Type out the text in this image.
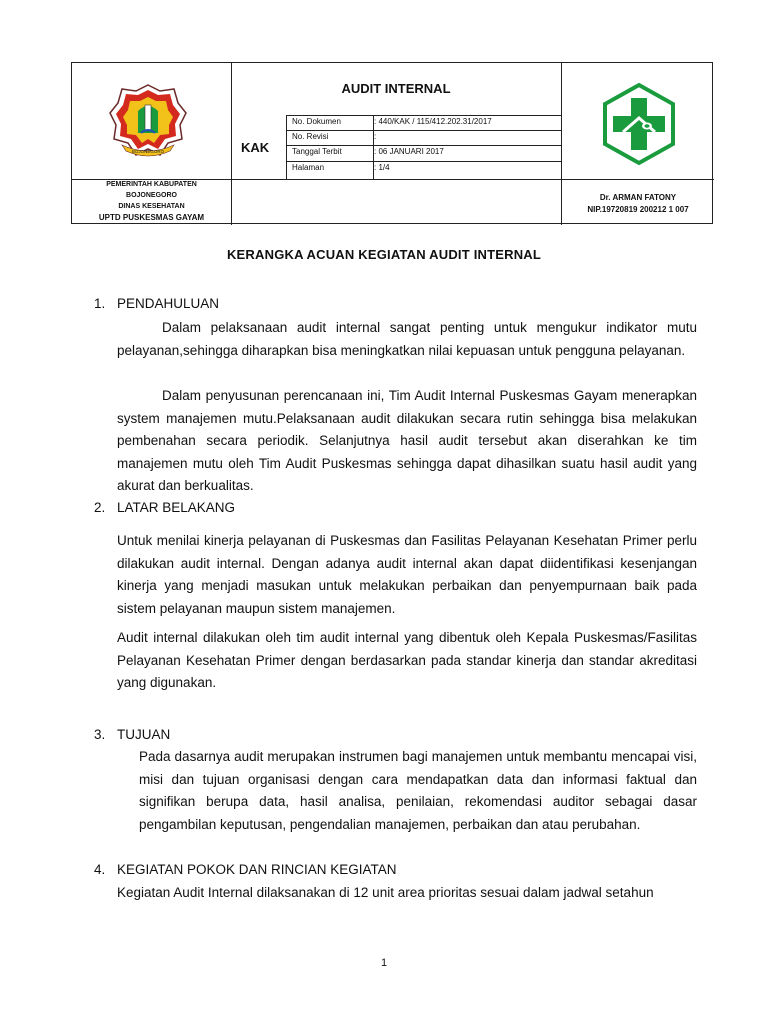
BOJONEGORO
AUDIT INTERNAL
KAK
No. Dokumen	: 440/KAK / 115/412.202.31/2017
No. Revisi	:
Tanggal Terbit	: 06 JANUARI 2017
Halaman	: 1/4
PEMERINTAH KABUPATEN
BOJONEGORO
DINAS KESEHATAN
UPTD PUSKESMAS GAYAM
Dr. ARMAN FATONY
NIP.19720819 200212 1 007
KERANGKA ACUAN KEGIATAN AUDIT INTERNAL
1. PENDAHULUAN
Dalam pelaksanaan audit internal sangat penting untuk mengukur indikator mutu pelayanan,sehingga diharapkan bisa meningkatkan nilai kepuasan untuk pengguna pelayanan.
Dalam penyusunan perencanaan ini, Tim Audit Internal Puskesmas Gayam menerapkan system manajemen mutu.Pelaksanaan audit dilakukan secara rutin sehingga bisa melakukan pembenahan secara periodik. Selanjutnya hasil audit tersebut akan diserahkan ke tim manajemen mutu oleh Tim Audit Puskesmas sehingga dapat dihasilkan suatu hasil audit yang akurat dan berkualitas.
2. LATAR BELAKANG
Untuk menilai kinerja pelayanan di Puskesmas dan Fasilitas Pelayanan Kesehatan Primer perlu dilakukan audit internal. Dengan adanya audit internal akan dapat diidentifikasi kesenjangan kinerja yang menjadi masukan untuk melakukan perbaikan dan penyempurnaan baik pada sistem pelayanan maupun sistem manajemen.
Audit internal dilakukan oleh tim audit internal yang dibentuk oleh Kepala Puskesmas/Fasilitas Pelayanan Kesehatan Primer dengan berdasarkan pada standar kinerja dan standar akreditasi yang digunakan.
3. TUJUAN
Pada dasarnya audit merupakan instrumen bagi manajemen untuk membantu mencapai visi, misi dan tujuan organisasi dengan cara mendapatkan data dan informasi faktual dan signifikan berupa data, hasil analisa, penilaian, rekomendasi auditor sebagai dasar pengambilan keputusan, pengendalian manajemen, perbaikan dan atau perubahan.
4. KEGIATAN POKOK DAN RINCIAN KEGIATAN
Kegiatan Audit Internal dilaksanakan di 12 unit area prioritas sesuai dalam jadwal setahun
1
